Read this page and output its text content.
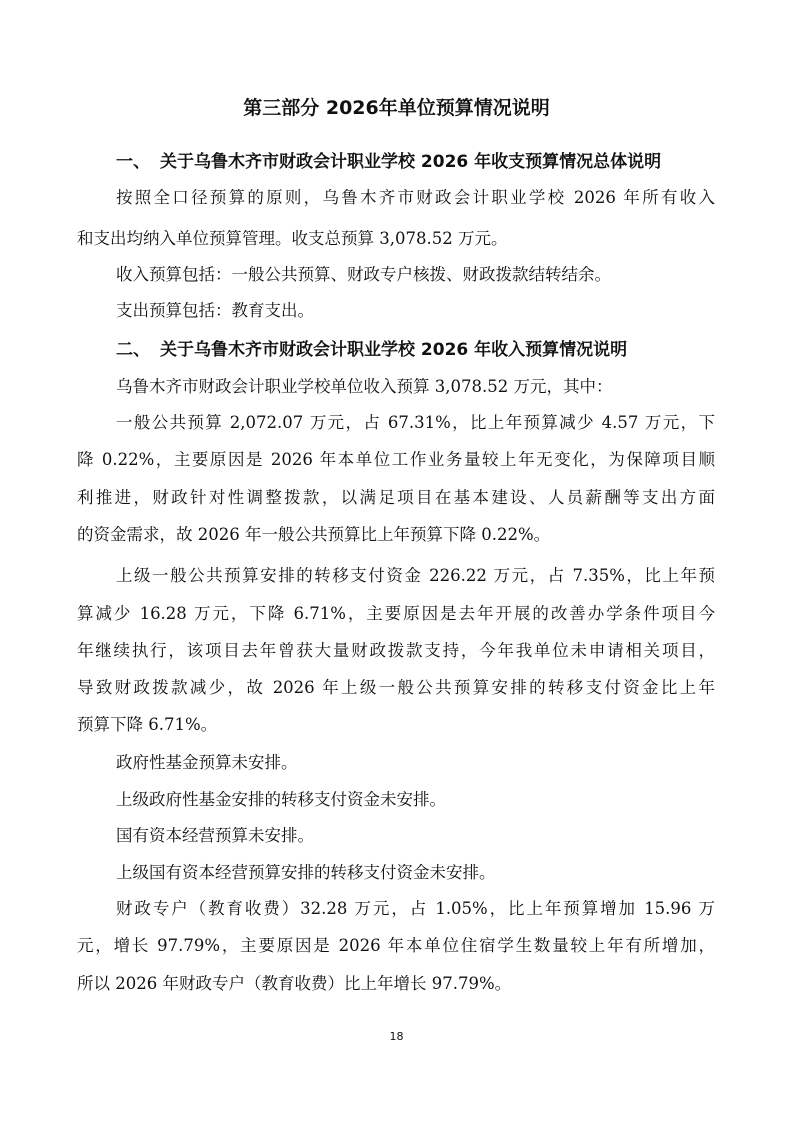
第三部分 2026年单位预算情况说明
一、 关于乌鲁木齐市财政会计职业学校 2026 年收支预算情况总体说明
按照全口径预算的原则，乌鲁木齐市财政会计职业学校 2026 年所有收入
和支出均纳入单位预算管理。收支总预算 3,078.52 万元。
收入预算包括：一般公共预算、财政专户核拨、财政拨款结转结余。
支出预算包括：教育支出。
二、 关于乌鲁木齐市财政会计职业学校 2026 年收入预算情况说明
乌鲁木齐市财政会计职业学校单位收入预算 3,078.52 万元，其中：
一般公共预算 2,072.07 万元，占 67.31%，比上年预算减少 4.57 万元，下
降 0.22%，主要原因是 2026 年本单位工作业务量较上年无变化，为保障项目顺
利推进，财政针对性调整拨款，以满足项目在基本建设、人员薪酬等支出方面
的资金需求，故 2026 年一般公共预算比上年预算下降 0.22%。
上级一般公共预算安排的转移支付资金 226.22 万元，占 7.35%，比上年预
算减少 16.28 万元，下降 6.71%，主要原因是去年开展的改善办学条件项目今
年继续执行，该项目去年曾获大量财政拨款支持，今年我单位未申请相关项目，
导致财政拨款减少，故 2026 年上级一般公共预算安排的转移支付资金比上年
预算下降 6.71%。
政府性基金预算未安排。
上级政府性基金安排的转移支付资金未安排。
国有资本经营预算未安排。
上级国有资本经营预算安排的转移支付资金未安排。
财政专户（教育收费）32.28 万元，占 1.05%，比上年预算增加 15.96 万
元，增长 97.79%，主要原因是 2026 年本单位住宿学生数量较上年有所增加，
所以 2026 年财政专户（教育收费）比上年增长 97.79%。
18
